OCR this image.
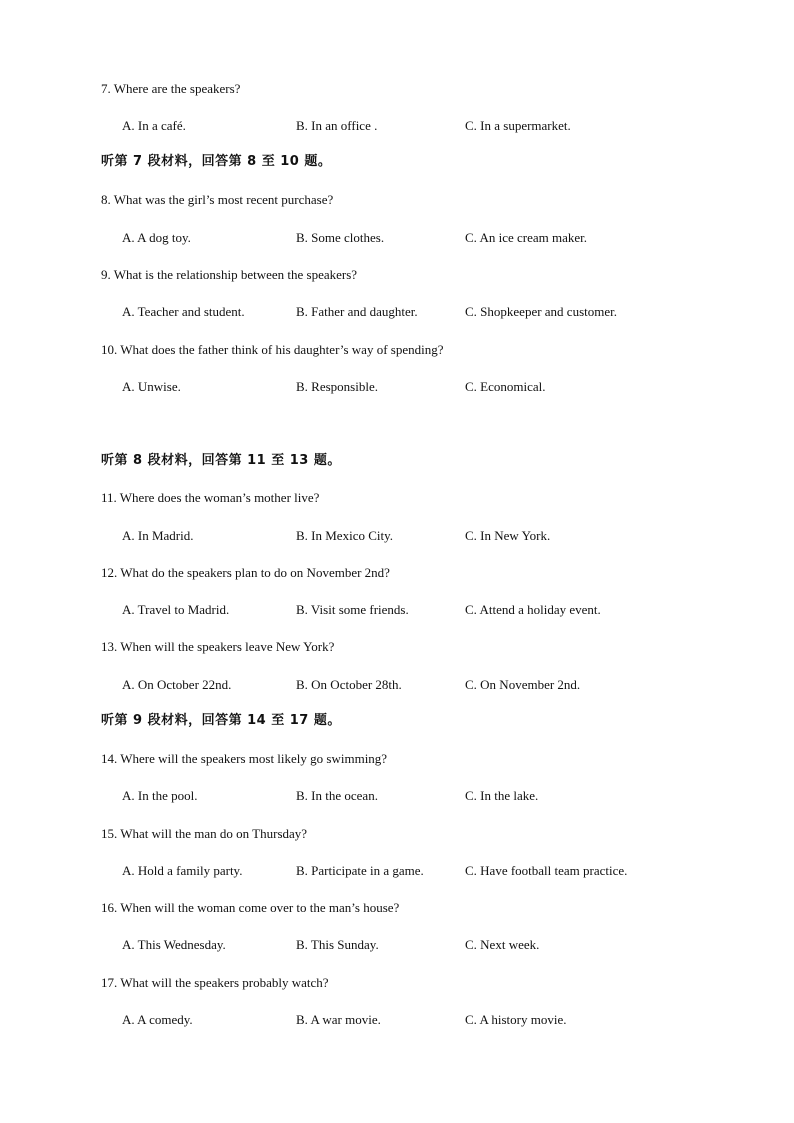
7. Where are the speakers?
A. In a café.	B. In an office .	C. In a supermarket.
听第 7 段材料，回答第 8 至 10 题。
8. What was the girl’s most recent purchase?
A. A dog toy.	B. Some clothes.	C. An ice cream maker.
9. What is the relationship between the speakers?
A. Teacher and student.	B. Father and daughter.	C. Shopkeeper and customer.
10. What does the father think of his daughter’s way of spending?
A. Unwise.	B. Responsible.	C. Economical.
听第 8 段材料，回答第 11 至 13 题。
11. Where does the woman’s mother live?
A. In Madrid.	B. In Mexico City.	C. In New York.
12. What do the speakers plan to do on November 2nd?
A. Travel to Madrid.	B. Visit some friends.	C. Attend a holiday event.
13. When will the speakers leave New York?
A. On October 22nd.	B. On October 28th.	C. On November 2nd.
听第 9 段材料，回答第 14 至 17 题。
14. Where will the speakers most likely go swimming?
A. In the pool.	B. In the ocean.	C. In the lake.
15. What will the man do on Thursday?
A. Hold a family party.	B. Participate in a game.	C. Have football team practice.
16. When will the woman come over to the man’s house?
A. This Wednesday.	B. This Sunday.	C. Next week.
17. What will the speakers probably watch?
A. A comedy.	B. A war movie.	C. A history movie.
